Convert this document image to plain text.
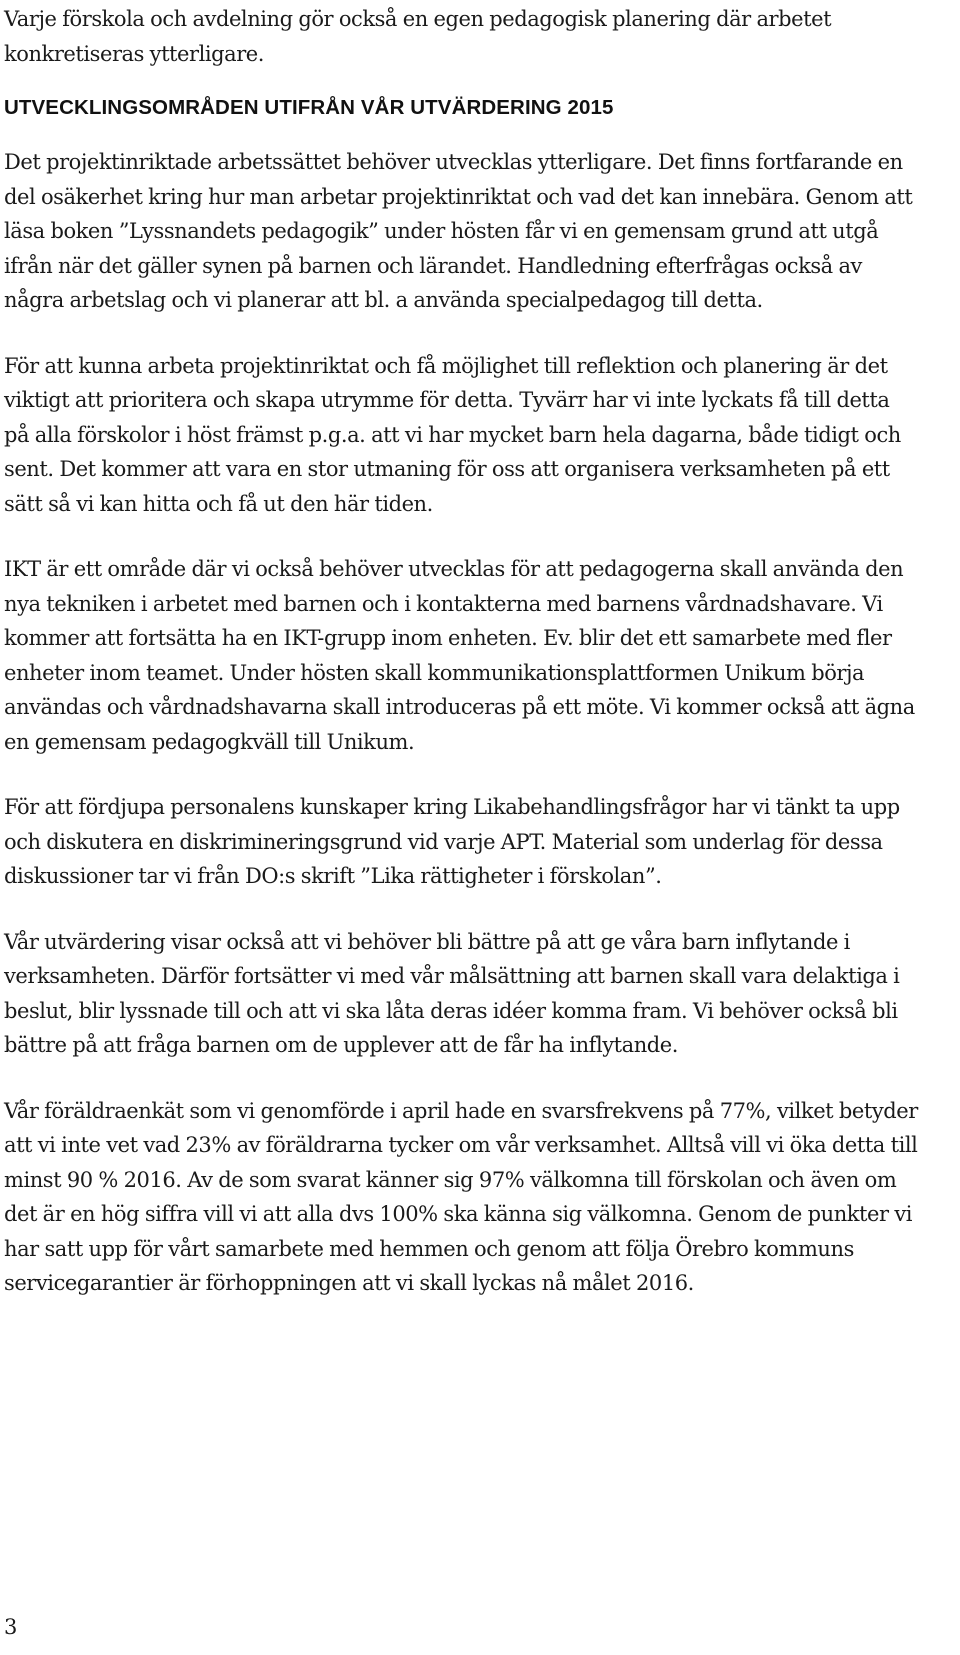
Varje förskola och avdelning gör också en egen pedagogisk planering där arbetet konkretiseras ytterligare.

UTVECKLINGSOMRÅDEN UTIFRÅN VÅR UTVÄRDERING 2015

Det projektinriktade arbetssättet behöver utvecklas ytterligare. Det finns fortfarande en del osäkerhet kring hur man arbetar projektinriktat och vad det kan innebära. Genom att läsa boken ”Lyssnandets pedagogik” under hösten får vi en gemensam grund att utgå ifrån när det gäller synen på barnen och lärandet. Handledning efterfrågas också av några arbetslag och vi planerar att bl. a använda specialpedagog till detta.

För att kunna arbeta projektinriktat och få möjlighet till reflektion och planering är det viktigt att prioritera och skapa utrymme för detta. Tyvärr har vi inte lyckats få till detta på alla förskolor i höst främst p.g.a. att vi har mycket barn hela dagarna, både tidigt och sent. Det kommer att vara en stor utmaning för oss att organisera verksamheten på ett sätt så vi kan hitta och få ut den här tiden.

IKT är ett område där vi också behöver utvecklas för att pedagogerna skall använda den nya tekniken i arbetet med barnen och i kontakterna med barnens vårdnadshavare. Vi kommer att fortsätta ha en IKT-grupp inom enheten. Ev. blir det ett samarbete med fler enheter inom teamet. Under hösten skall kommunikationsplattformen Unikum börja användas och vårdnadshavarna skall introduceras på ett möte. Vi kommer också att ägna en gemensam pedagogkväll till Unikum.

För att fördjupa personalens kunskaper kring Likabehandlingsfrågor har vi tänkt ta upp och diskutera en diskrimineringsgrund vid varje APT. Material som underlag för dessa diskussioner tar vi från DO:s skrift ”Lika rättigheter i förskolan”.

Vår utvärdering visar också att vi behöver bli bättre på att ge våra barn inflytande i verksamheten. Därför fortsätter vi med vår målsättning att barnen skall vara delaktiga i beslut, blir lyssnade till och att vi ska låta deras idéer komma fram. Vi behöver också bli bättre på att fråga barnen om de upplever att de får ha inflytande.

Vår föräldraenkät som vi genomförde i april hade en svarsfrekvens på 77%, vilket betyder att vi inte vet vad 23% av föräldrarna tycker om vår verksamhet. Alltså vill vi öka detta till minst 90 % 2016. Av de som svarat känner sig 97% välkomna till förskolan och även om det är en hög siffra vill vi att alla dvs 100% ska känna sig välkomna. Genom de punkter vi har satt upp för vårt samarbete med hemmen och genom att följa Örebro kommuns servicegarantier är förhoppningen att vi skall lyckas nå målet 2016.

3
